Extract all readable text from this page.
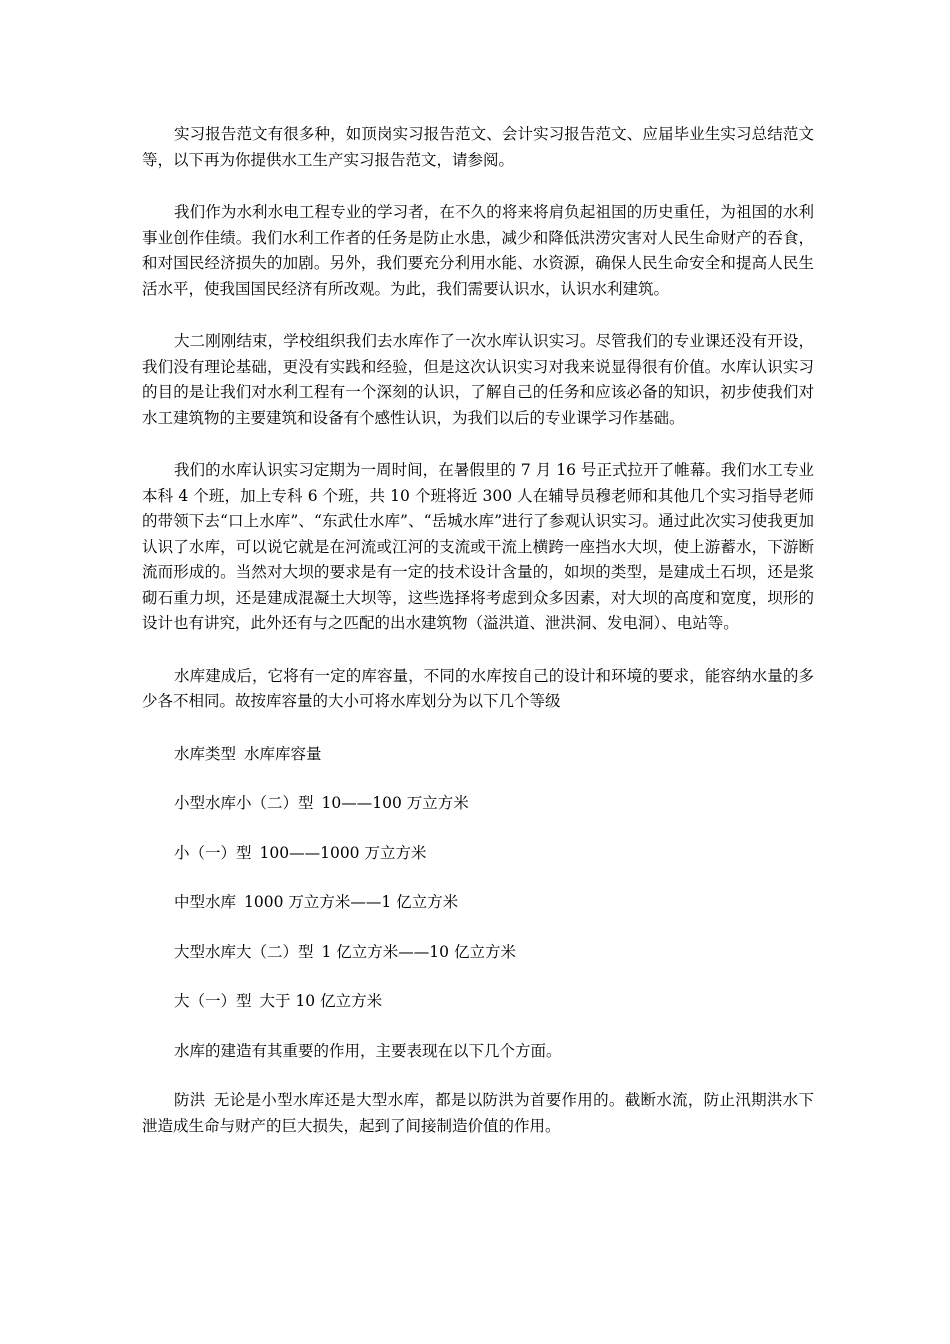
实习报告范文有很多种，如顶岗实习报告范文、会计实习报告范文、应届毕业生实习总结范文等，以下再为你提供水工生产实习报告范文，请参阅。

我们作为水利水电工程专业的学习者，在不久的将来将肩负起祖国的历史重任，为祖国的水利事业创作佳绩。我们水利工作者的任务是防止水患，减少和降低洪涝灾害对人民生命财产的吞食，和对国民经济损失的加剧。另外，我们要充分利用水能、水资源，确保人民生命安全和提高人民生活水平，使我国国民经济有所改观。为此，我们需要认识水，认识水利建筑。

大二刚刚结束，学校组织我们去水库作了一次水库认识实习。尽管我们的专业课还没有开设，我们没有理论基础，更没有实践和经验，但是这次认识实习对我来说显得很有价值。水库认识实习的目的是让我们对水利工程有一个深刻的认识，了解自己的任务和应该必备的知识，初步使我们对水工建筑物的主要建筑和设备有个感性认识，为我们以后的专业课学习作基础。

我们的水库认识实习定期为一周时间，在暑假里的 7 月 16 号正式拉开了帷幕。我们水工专业本科 4 个班，加上专科 6 个班，共 10 个班将近 300 人在辅导员穆老师和其他几个实习指导老师的带领下去“口上水库”、“东武仕水库”、“岳城水库”进行了参观认识实习。通过此次实习使我更加认识了水库，可以说它就是在河流或江河的支流或干流上横跨一座挡水大坝，使上游蓄水，下游断流而形成的。当然对大坝的要求是有一定的技术设计含量的，如坝的类型，是建成土石坝，还是浆砌石重力坝，还是建成混凝土大坝等，这些选择将考虑到众多因素，对大坝的高度和宽度，坝形的设计也有讲究，此外还有与之匹配的出水建筑物（溢洪道、泄洪洞、发电洞）、电站等。

水库建成后，它将有一定的库容量，不同的水库按自己的设计和环境的要求，能容纳水量的多少各不相同。故按库容量的大小可将水库划分为以下几个等级

水库类型 水库库容量

小型水库小（二）型 10——100 万立方米

小（一）型 100——1000 万立方米

中型水库 1000 万立方米——1 亿立方米

大型水库大（二）型 1 亿立方米——10 亿立方米

大（一）型 大于 10 亿立方米

水库的建造有其重要的作用，主要表现在以下几个方面。

防洪 无论是小型水库还是大型水库，都是以防洪为首要作用的。截断水流，防止汛期洪水下泄造成生命与财产的巨大损失，起到了间接制造价值的作用。
